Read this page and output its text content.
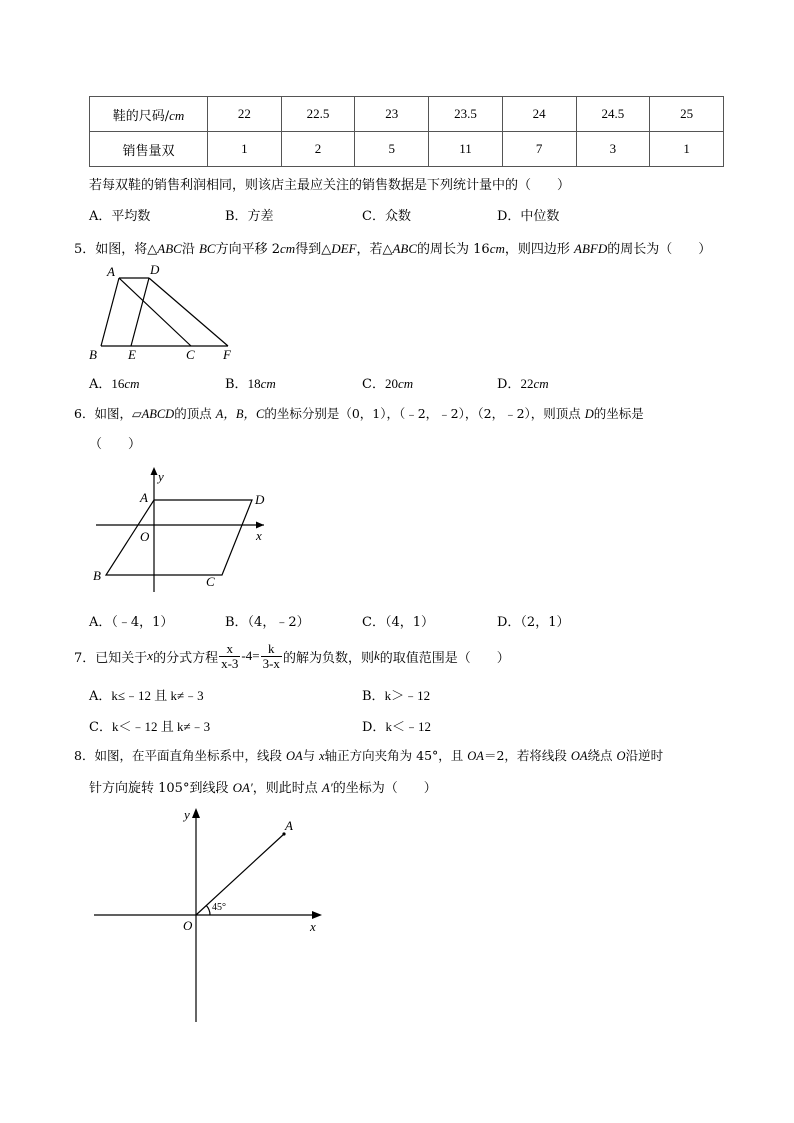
鞋的尺码/cm	22	22.5	23	23.5	24	24.5	25
销售量双	1	2	5	11	7	3	1
若每双鞋的销售利润相同，则该店主最应关注的销售数据是下列统计量中的（　　）
A．平均数	B．方差	C．众数	D．中位数
5．如图，将△ABC沿 BC方向平移 2cm得到△DEF，若△ABC的周长为 16cm，则四边形 ABFD的周长为（　　）
A	D
B E	C F
A．16cm	B．18cm	C．20cm	D．22cm
6．如图，▱ABCD的顶点 A，B，C的坐标分别是（0，1），（﹣2，﹣2），（2，﹣2），则顶点 D的坐标是
（　　）
y
x
A	D
O
B	C
A．（﹣4，1）	B．（4，﹣2）	C．（4，1）	D．（2，1）
7．已知关于 x 的分式方程 $\frac{x}{x-3} -4= \frac{k}{3-x}$ 的解为负数，则 k 的取值范围是（　　）
A．k≤﹣12 且 k≠﹣3	B．k＞﹣12
C．k＜﹣12 且 k≠﹣3	D．k＜﹣12
8．如图，在平面直角坐标系中，线段 OA与 x轴正方向夹角为 45°，且 OA＝2，若将线段 OA绕点 O沿逆时
针方向旋转 105°到线段 OA′，则此时点 A′的坐标为（　　）
y
x
A
O
45°
